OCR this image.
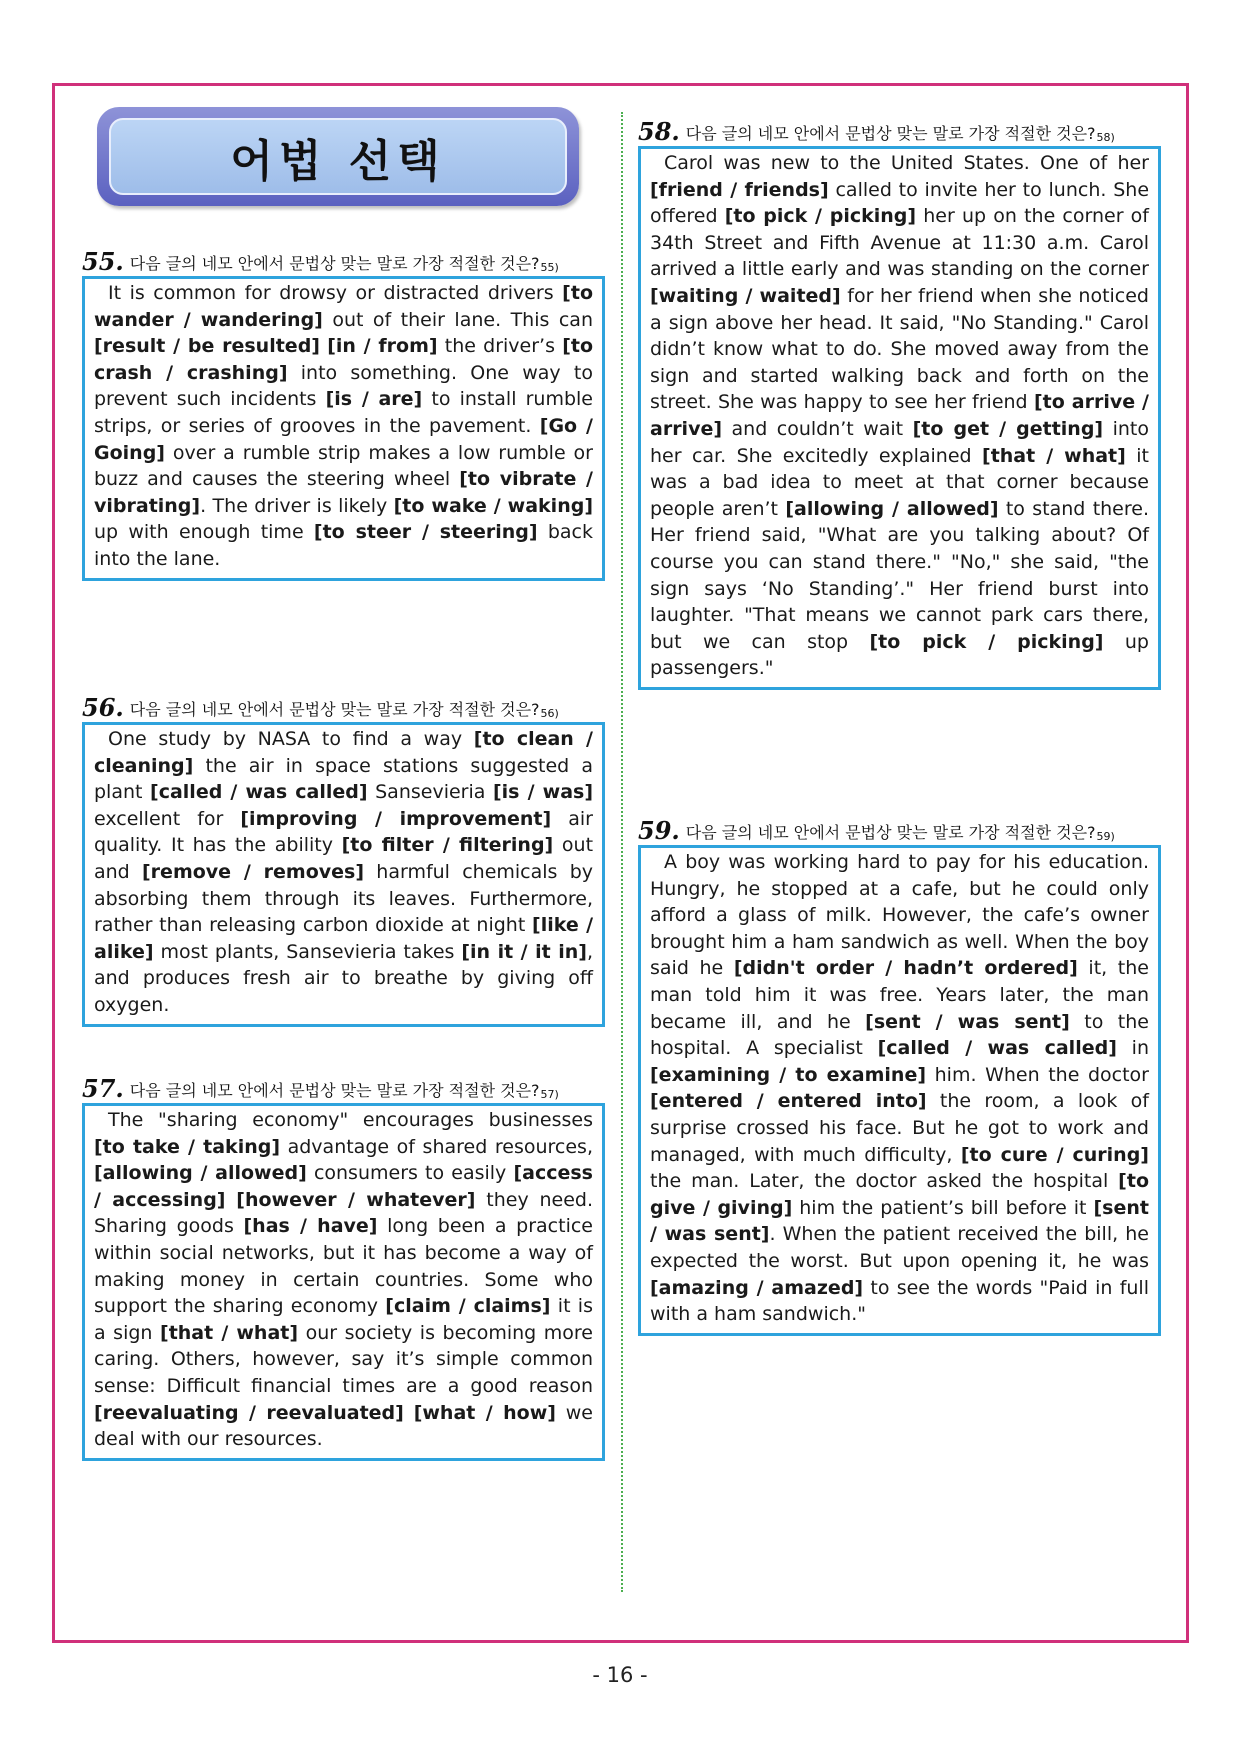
어법 선택
55. 다음 글의 네모 안에서 문법상 맞는 말로 가장 적절한 것은? 55)
It is common for drowsy or distracted drivers [to wander / wandering] out of their lane. This can [result / be resulted] [in / from] the driver’s [to crash / crashing] into something. One way to prevent such incidents [is / are] to install rumble strips, or series of grooves in the pavement. [Go / Going] over a rumble strip makes a low rumble or buzz and causes the steering wheel [to vibrate / vibrating]. The driver is likely [to wake / waking] up with enough time [to steer / steering] back into the lane.
56. 다음 글의 네모 안에서 문법상 맞는 말로 가장 적절한 것은? 56)
One study by NASA to find a way [to clean / cleaning] the air in space stations suggested a plant [called / was called] Sansevieria [is / was] excellent for [improving / improvement] air quality. It has the ability [to filter / filtering] out and [remove / removes] harmful chemicals by absorbing them through its leaves. Furthermore, rather than releasing carbon dioxide at night [like / alike] most plants, Sansevieria takes [in it / it in], and produces fresh air to breathe by giving off oxygen.
57. 다음 글의 네모 안에서 문법상 맞는 말로 가장 적절한 것은? 57)
The "sharing economy" encourages businesses [to take / taking] advantage of shared resources, [allowing / allowed] consumers to easily [access / accessing] [however / whatever] they need. Sharing goods [has / have] long been a practice within social networks, but it has become a way of making money in certain countries. Some who support the sharing economy [claim / claims] it is a sign [that / what] our society is becoming more caring. Others, however, say it’s simple common sense: Difficult financial times are a good reason [reevaluating / reevaluated] [what / how] we deal with our resources.
58. 다음 글의 네모 안에서 문법상 맞는 말로 가장 적절한 것은? 58)
Carol was new to the United States. One of her [friend / friends] called to invite her to lunch. She offered [to pick / picking] her up on the corner of 34th Street and Fifth Avenue at 11:30 a.m. Carol arrived a little early and was standing on the corner [waiting / waited] for her friend when she noticed a sign above her head. It said, "No Standing." Carol didn’t know what to do. She moved away from the sign and started walking back and forth on the street. She was happy to see her friend [to arrive / arrive] and couldn’t wait [to get / getting] into her car. She excitedly explained [that / what] it was a bad idea to meet at that corner because people aren’t [allowing / allowed] to stand there. Her friend said, "What are you talking about? Of course you can stand there." "No," she said, "the sign says ‘No Standing’." Her friend burst into laughter. "That means we cannot park cars there, but we can stop [to pick / picking] up passengers."
59. 다음 글의 네모 안에서 문법상 맞는 말로 가장 적절한 것은? 59)
A boy was working hard to pay for his education. Hungry, he stopped at a cafe, but he could only afford a glass of milk. However, the cafe’s owner brought him a ham sandwich as well. When the boy said he [didn't order / hadn’t ordered] it, the man told him it was free. Years later, the man became ill, and he [sent / was sent] to the hospital. A specialist [called / was called] in [examining / to examine] him. When the doctor [entered / entered into] the room, a look of surprise crossed his face. But he got to work and managed, with much difficulty, [to cure / curing] the man. Later, the doctor asked the hospital [to give / giving] him the patient’s bill before it [sent / was sent]. When the patient received the bill, he expected the worst. But upon opening it, he was [amazing / amazed] to see the words "Paid in full with a ham sandwich."
- 16 -
